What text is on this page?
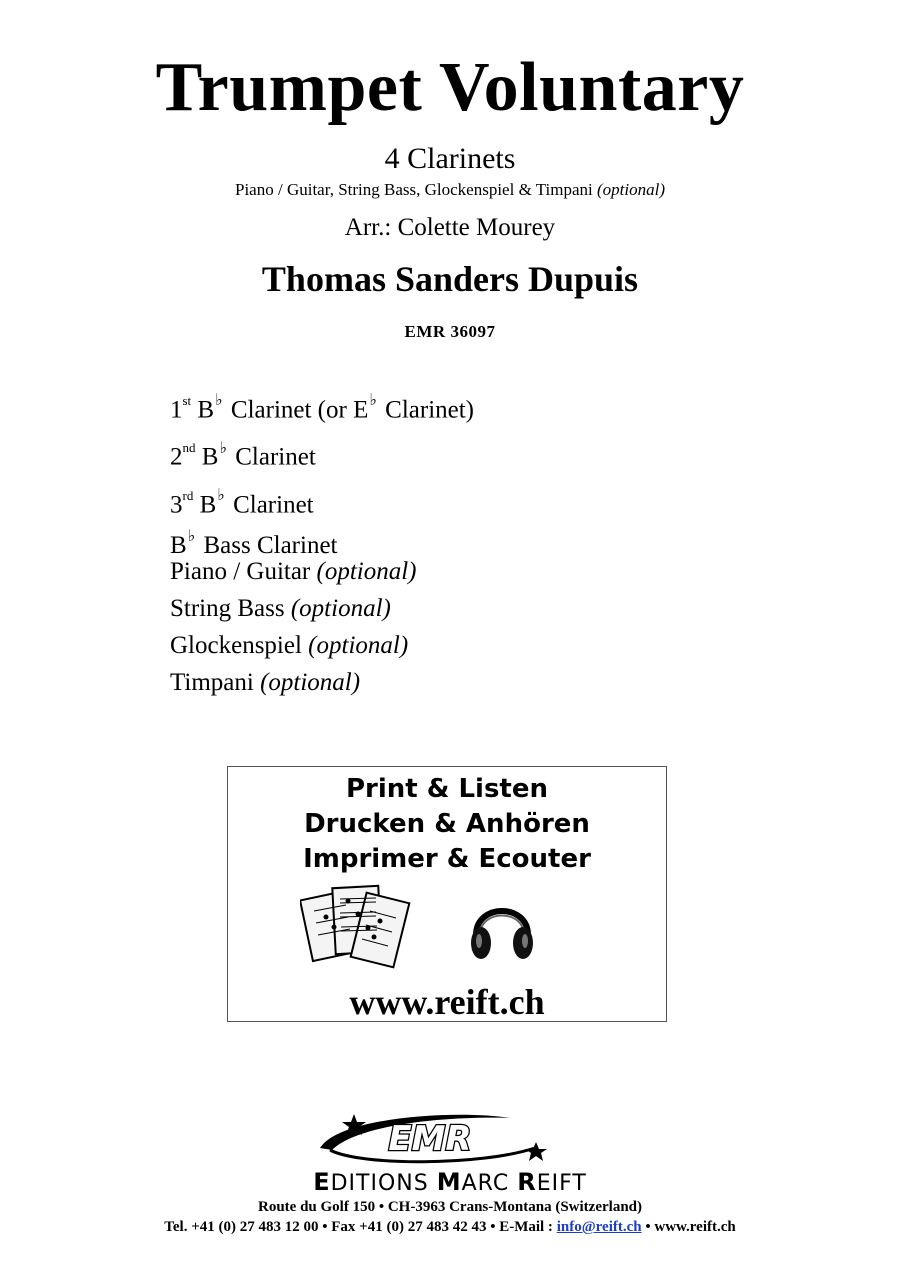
Trumpet Voluntary
4 Clarinets
Piano / Guitar, String Bass, Glockenspiel & Timpani (optional)
Arr.: Colette Mourey
Thomas Sanders Dupuis
EMR 36097
1st B♭ Clarinet (or E♭ Clarinet)
2nd B♭ Clarinet
3rd B♭ Clarinet
B♭ Bass Clarinet
Piano / Guitar (optional)
String Bass (optional)
Glockenspiel (optional)
Timpani (optional)
Print & Listen
Drucken & Anhören
Imprimer & Ecouter
www.reift.ch
EMR
EDITIONS MARC REIFT
Route du Golf 150 • CH-3963 Crans-Montana (Switzerland)
Tel. +41 (0) 27 483 12 00 • Fax +41 (0) 27 483 42 43 • E-Mail : info@reift.ch • www.reift.ch
